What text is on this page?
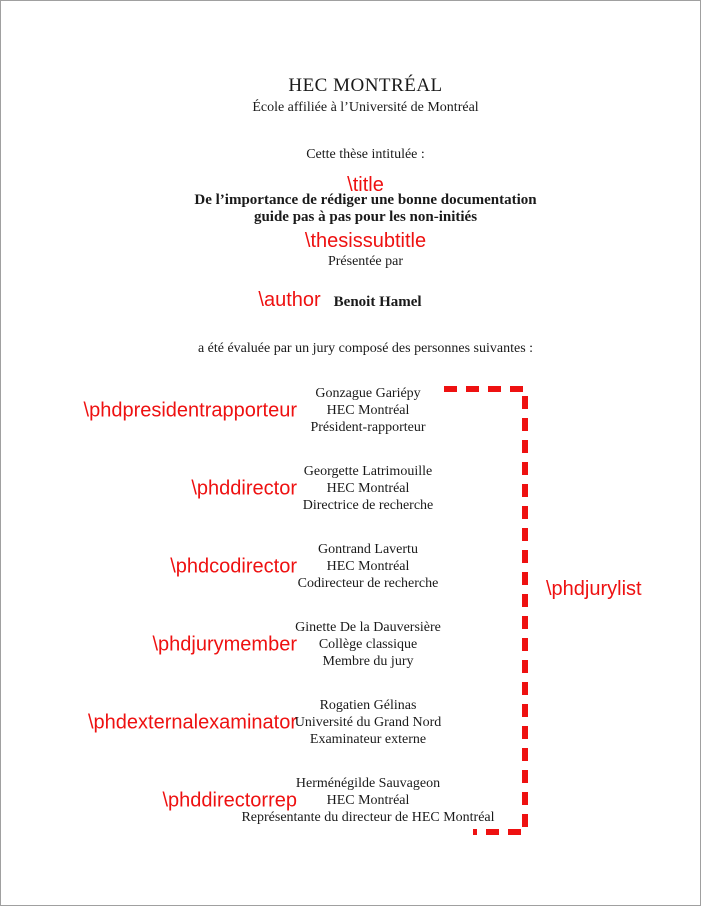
HEC MONTRÉAL
École affiliée à l’Université de Montréal
Cette thèse intitulée :
\title
De l’importance de rédiger une bonne documentation
guide pas à pas pour les non-initiés
\thesissubtitle
Présentée par
\author Benoit Hamel
a été évaluée par un jury composé des personnes suivantes :
\phdpresidentrapporteur
Gonzague Gariépy
HEC Montréal
Président-rapporteur
\phddirector
Georgette Latrimouille
HEC Montréal
Directrice de recherche
\phdcodirector
Gontrand Lavertu
HEC Montréal
Codirecteur de recherche
\phdjurymember
Ginette De la Dauversière
Collège classique
Membre du jury
\phdexternalexaminator
Rogatien Gélinas
Université du Grand Nord
Examinateur externe
\phddirectorrep
Herménégilde Sauvageon
HEC Montréal
Représentante du directeur de HEC Montréal
\phdjurylist
